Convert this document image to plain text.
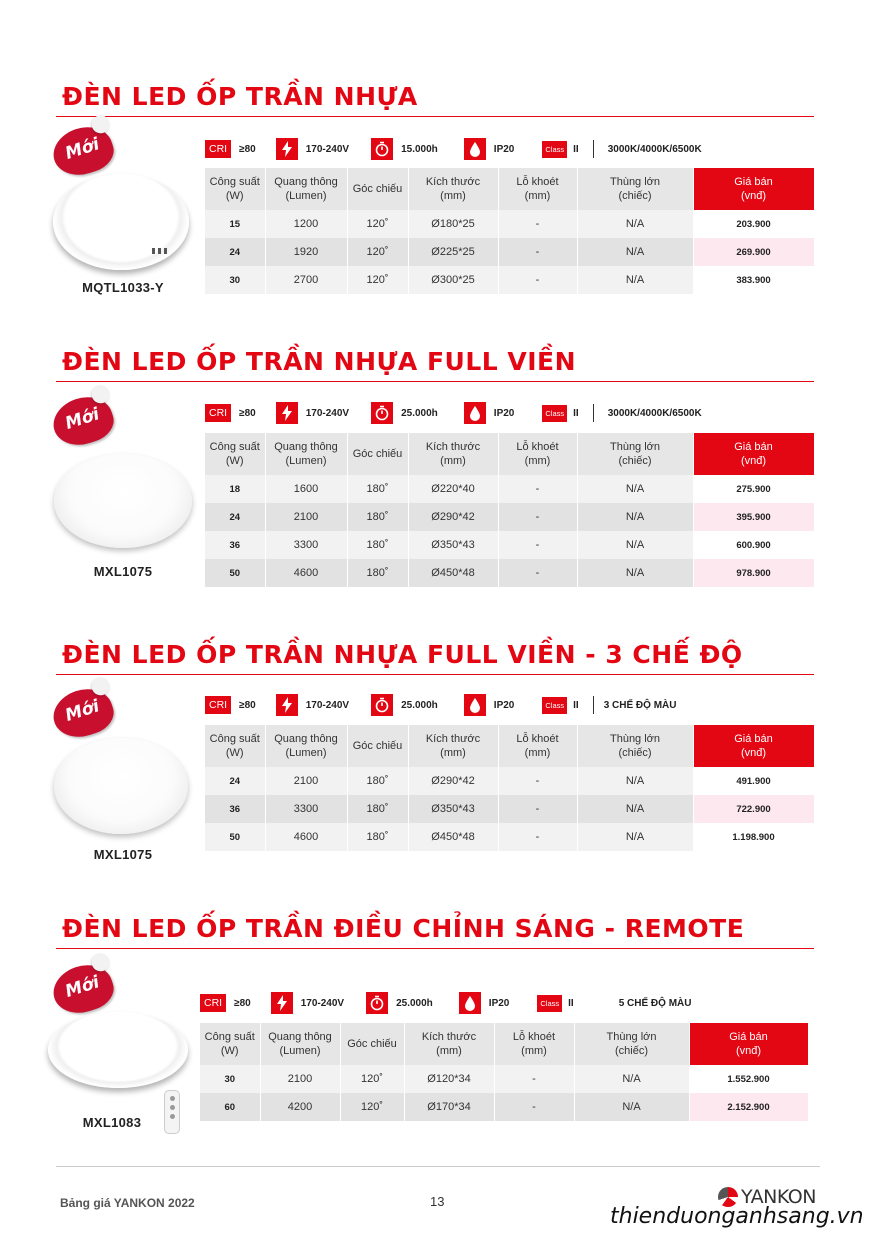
ĐÈN LED ỐP TRẦN NHỰA
Mới
MQTL1033-Y
CRI	≥80	170-240V	15.000h	IP20	Class II	3000K/4000K/6500K
Công suất
(W)	Quang thông
(Lumen)	Góc chiếu	Kích thước
(mm)	Lỗ khoét
(mm)	Thùng lớn
(chiếc)	Giá bán
(vnđ)
15	1200	120˚	Ø180*25	-	N/A	203.900
24	1920	120˚	Ø225*25	-	N/A	269.900
30	2700	120˚	Ø300*25	-	N/A	383.900
ĐÈN LED ỐP TRẦN NHỰA FULL VIỀN
Mới
MXL1075
CRI	≥80	170-240V	25.000h	IP20	Class II	3000K/4000K/6500K
Công suất
(W)	Quang thông
(Lumen)	Góc chiếu	Kích thước
(mm)	Lỗ khoét
(mm)	Thùng lớn
(chiếc)	Giá bán
(vnđ)
18	1600	180˚	Ø220*40	-	N/A	275.900
24	2100	180˚	Ø290*42	-	N/A	395.900
36	3300	180˚	Ø350*43	-	N/A	600.900
50	4600	180˚	Ø450*48	-	N/A	978.900
ĐÈN LED ỐP TRẦN NHỰA FULL VIỀN - 3 CHẾ ĐỘ
Mới
MXL1075
CRI	≥80	170-240V	25.000h	IP20	Class II	3 CHẾ ĐỘ MÀU
Công suất
(W)	Quang thông
(Lumen)	Góc chiếu	Kích thước
(mm)	Lỗ khoét
(mm)	Thùng lớn
(chiếc)	Giá bán
(vnđ)
24	2100	180˚	Ø290*42	-	N/A	491.900
36	3300	180˚	Ø350*43	-	N/A	722.900
50	4600	180˚	Ø450*48	-	N/A	1.198.900
ĐÈN LED ỐP TRẦN ĐIỀU CHỈNH SÁNG - REMOTE
Mới
MXL1083
CRI	≥80	170-240V	25.000h	IP20	Class II	5 CHẾ ĐỘ MÀU
Công suất
(W)	Quang thông
(Lumen)	Góc chiếu	Kích thước
(mm)	Lỗ khoét
(mm)	Thùng lớn
(chiếc)	Giá bán
(vnđ)
30	2100	120˚	Ø120*34	-	N/A	1.552.900
60	4200	120˚	Ø170*34	-	N/A	2.152.900
Bảng giá YANKON 2022	13	YANKON
thienduonganhsang.vn
